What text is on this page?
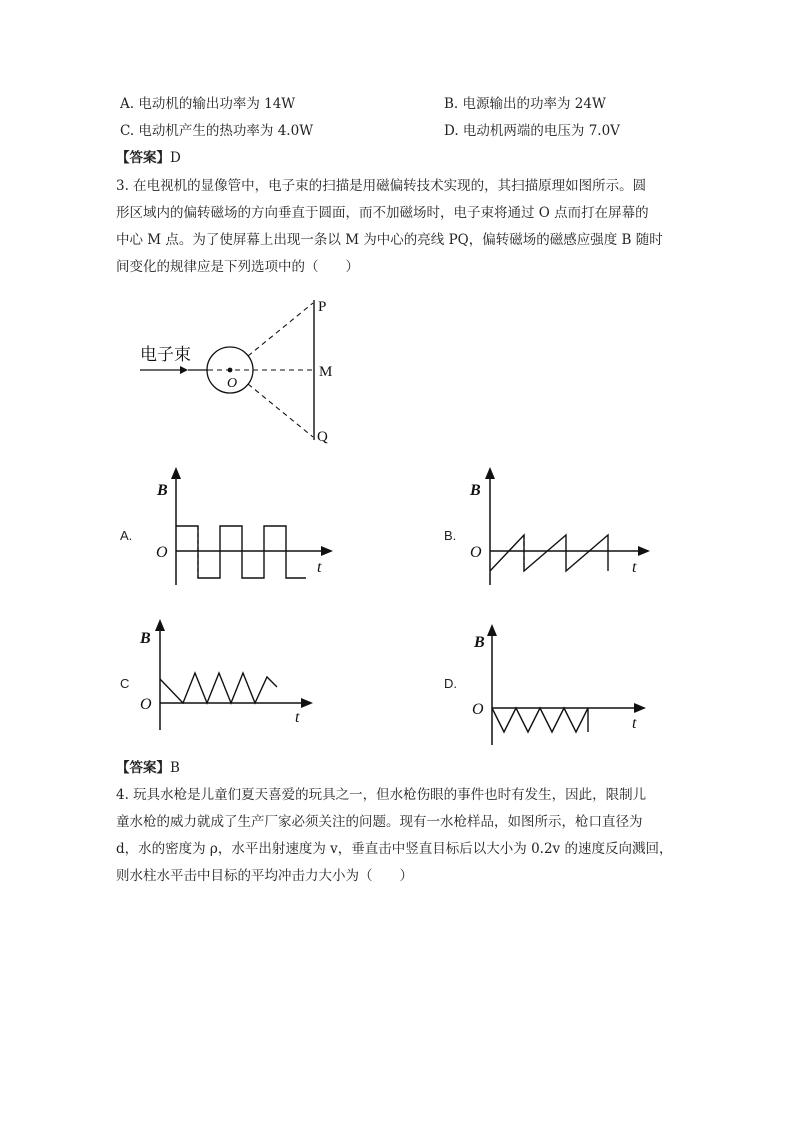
A. 电动机的输出功率为 14W	B. 电源输出的功率为 24W
C. 电动机产生的热功率为 4.0W	D. 电动机两端的电压为 7.0V
【答案】D
3. 在电视机的显像管中，电子束的扫描是用磁偏转技术实现的，其扫描原理如图所示。圆
形区域内的偏转磁场的方向垂直于圆面，而不加磁场时，电子束将通过 O 点而打在屏幕的
中心 M 点。为了使屏幕上出现一条以 M 为中心的亮线 PQ，偏转磁场的磁感应强度 B 随时
间变化的规律应是下列选项中的（　　）
电子束
O
P
M
Q
A.	B.
C	D.
B
O
t
B
O
t
B
O
t
B
O
t
【答案】B
4. 玩具水枪是儿童们夏天喜爱的玩具之一，但水枪伤眼的事件也时有发生，因此，限制儿
童水枪的威力就成了生产厂家必须关注的问题。现有一水枪样品，如图所示，枪口直径为
d，水的密度为 ρ，水平出射速度为 v，垂直击中竖直目标后以大小为 0.2v 的速度反向溅回，
则水柱水平击中目标的平均冲击力大小为（　　）
